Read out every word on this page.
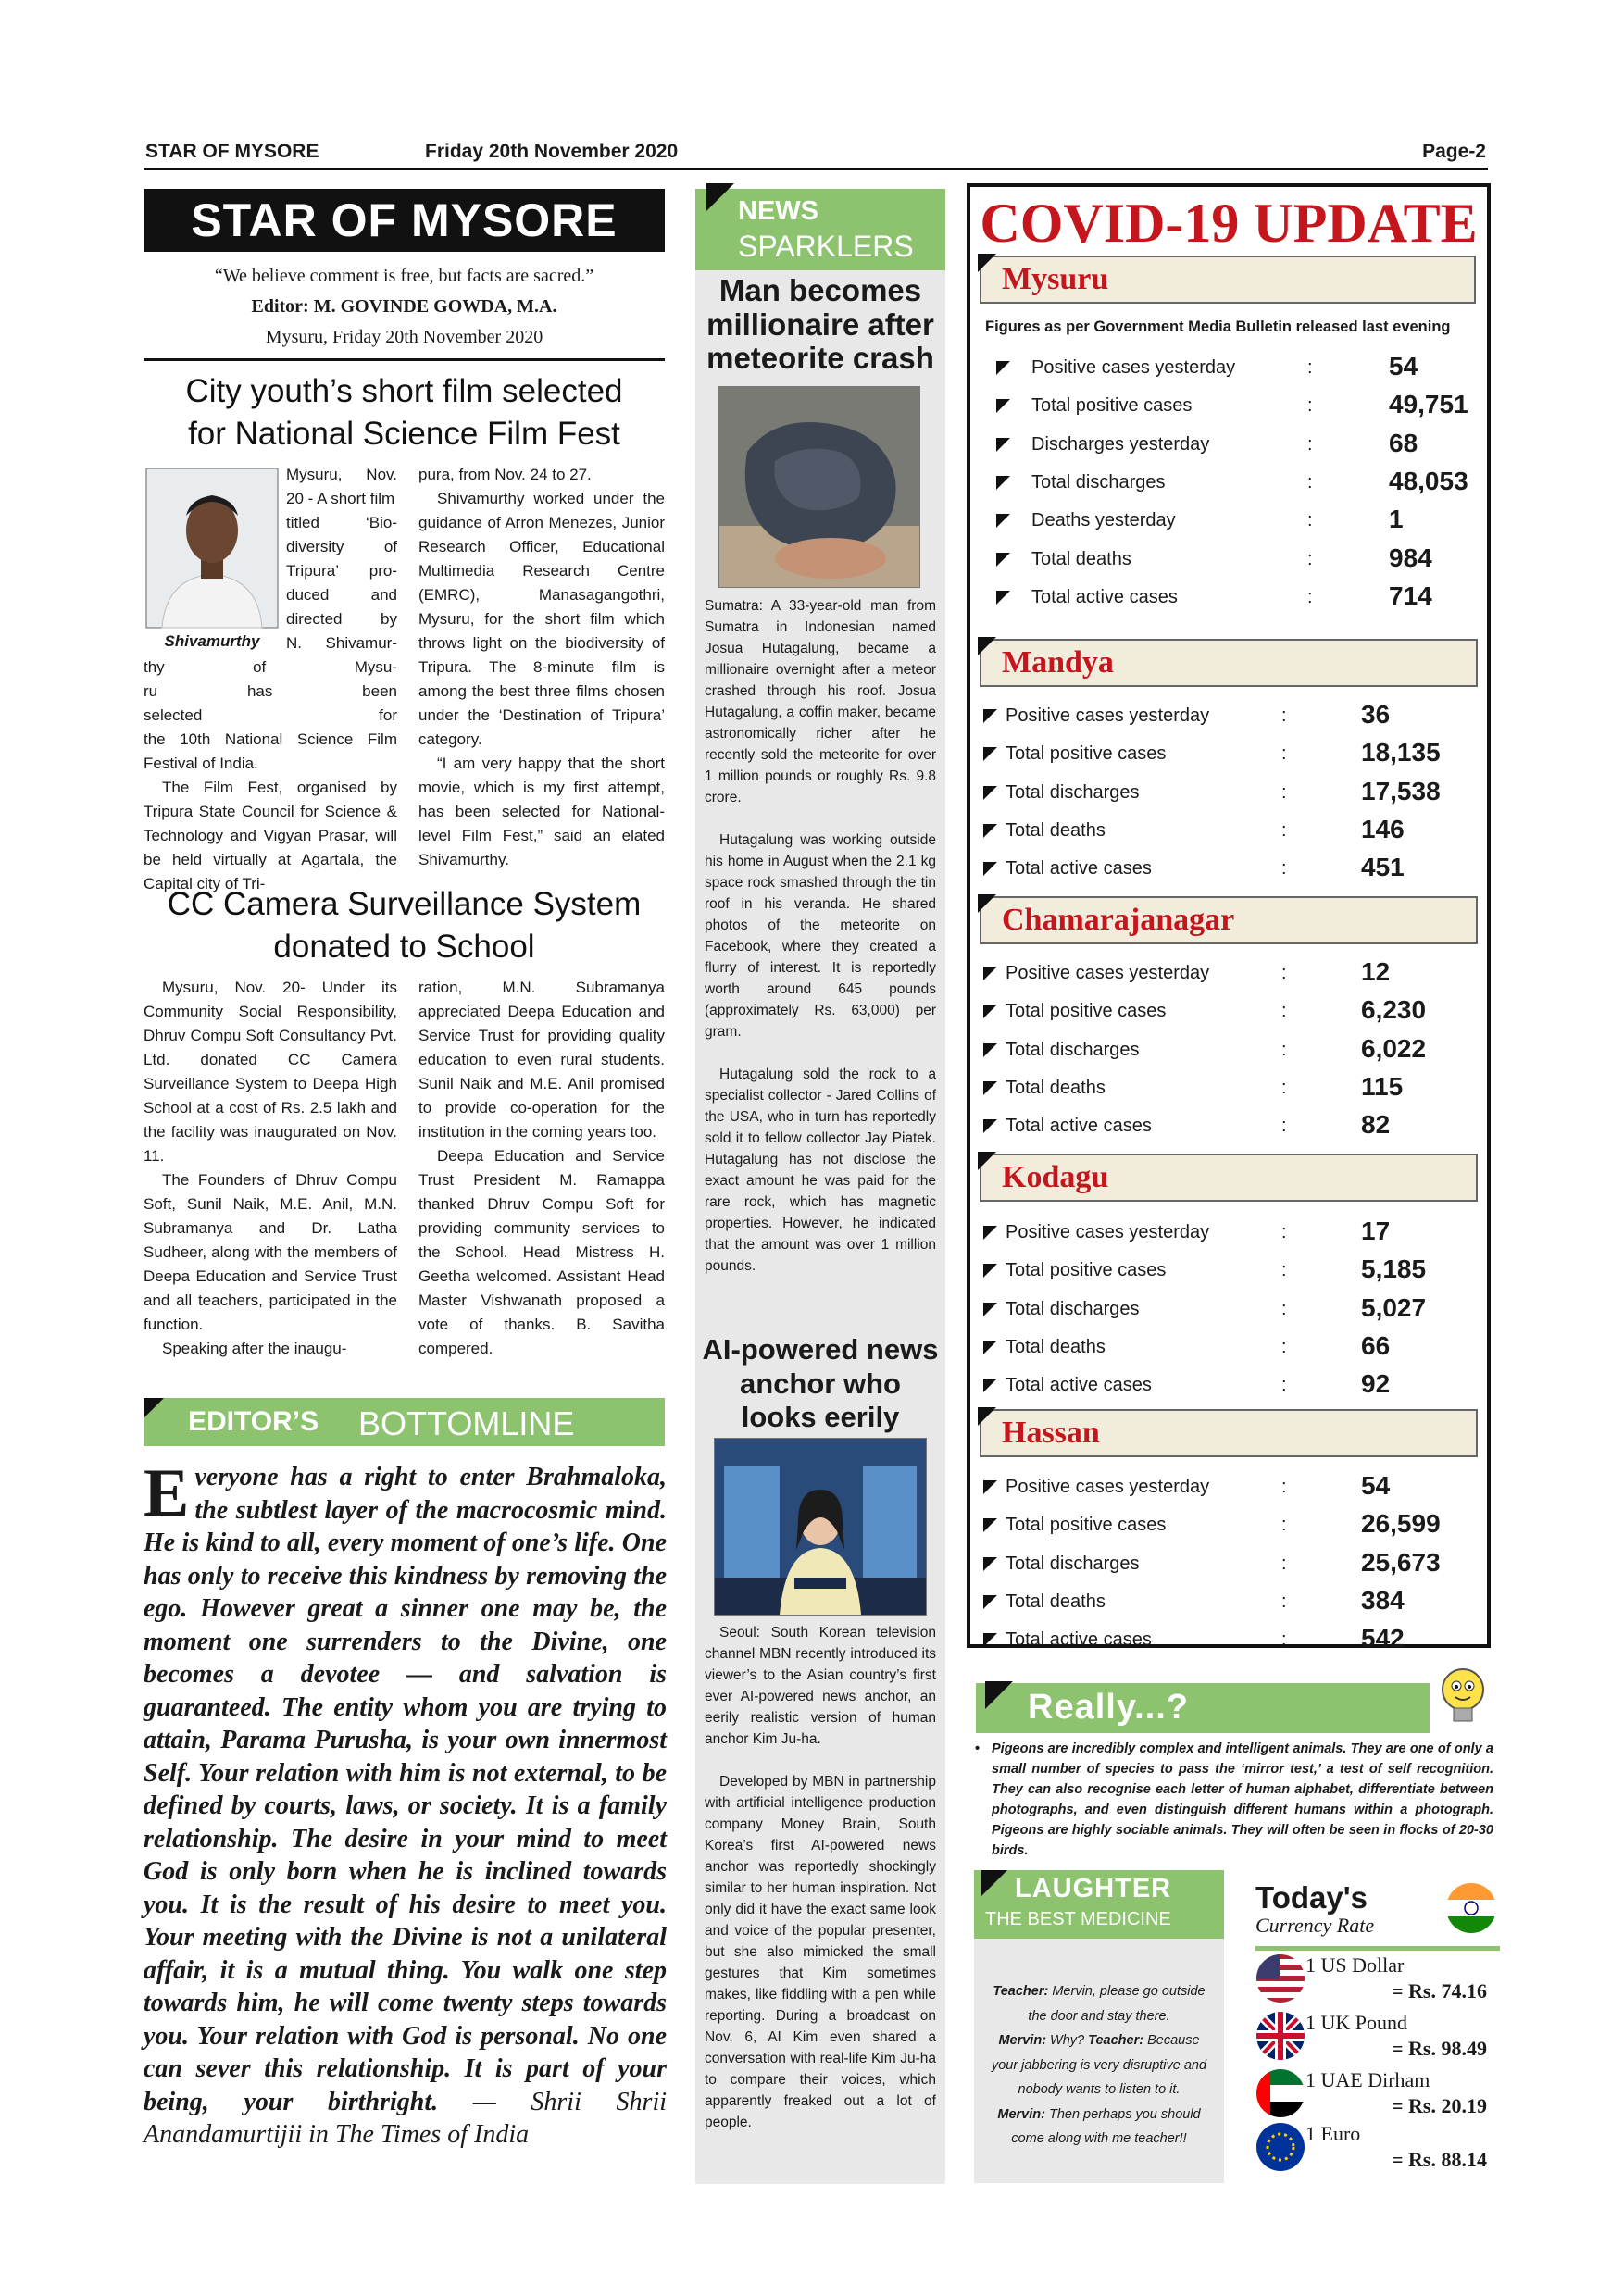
STAR OF MYSORE	Friday 20th November 2020	Page-2
STAR OF MYSORE
“We believe comment is free, but facts are sacred.”
Editor: M. GOVINDE GOWDA, M.A.
Mysuru, Friday 20th November 2020
City youth’s short film selected
for National Science Film Fest
Shivamurthy
Mysuru, Nov. 20 - A short film
titled ‘Bio-
diversity of
Tripura’ pro-
duced and
directed by
N. Shivamur-
thy of Mysu-
ru has been
selected for
the 10th National Science Film Festival of India.

The Film Fest, organised by Tripura State Council for Science & Technology and Vigyan Prasar, will be held virtually at Agartala, the Capital city of Tri-

pura, from Nov. 24 to 27.

Shivamurthy worked under the guidance of Arron Menezes, Junior Research Officer, Educational Multimedia Research Centre (EMRC), Manasagangothri, Mysuru, for the short film which throws light on the biodiversity of Tripura. The 8-minute film is among the best three films chosen under the ‘Destination of Tripura’ category.

“I am very happy that the short movie, which is my first attempt, has been selected for National-level Film Fest,” said an elated Shivamurthy.

CC Camera Surveillance System
donated to School

Mysuru, Nov. 20- Under its Community Social Responsibility, Dhruv Compu Soft Consultancy Pvt. Ltd. donated CC Camera Surveillance System to Deepa High School at a cost of Rs. 2.5 lakh and the facility was inaugurated on Nov. 11.

The Founders of Dhruv Compu Soft, Sunil Naik, M.E. Anil, M.N. Subramanya and Dr. Latha Sudheer, along with the members of Deepa Education and Service Trust and all teachers, participated in the function.

Speaking after the inaugu-

ration, M.N. Subramanya appreciated Deepa Education and Service Trust for providing quality education to even rural students. Sunil Naik and M.E. Anil promised to provide co-operation for the institution in the coming years too.

Deepa Education and Service Trust President M. Ramappa thanked Dhruv Compu Soft for providing community services to the School. Head Mistress H. Geetha welcomed. Assistant Head Master Vishwanath proposed a vote of thanks. B. Savitha compered.

EDITOR’S BOTTOMLINE
Everyone has a right to enter Brahmaloka, the subtlest layer of the macrocosmic mind. He is kind to all, every moment of one’s life. One has only to receive this kindness by removing the ego. However great a sinner one may be, the moment one surrenders to the Divine, one becomes a devotee — and salvation is guaranteed. The entity whom you are trying to attain, Parama Purusha, is your own innermost Self. Your relation with him is not external, to be defined by courts, laws, or society. It is a family relationship. The desire in your mind to meet God is only born when he is inclined towards you. It is the result of his desire to meet you. Your meeting with the Divine is not a unilateral affair, it is a mutual thing. You walk one step towards him, he will come twenty steps towards you. Your relation with God is personal. No one can sever this relationship. It is part of your being, your birthright. — Shrii Shrii Anandamurtijii in The Times of India
NEWS
SPARKLERS
Man becomes millionaire after meteorite crash

Sumatra: A 33-year-old man from Sumatra in Indonesian named Josua Hutagalung, became a millionaire overnight after a meteor crashed through his roof. Josua Hutagalung, a coffin maker, became astronomically richer after he recently sold the meteorite for over 1 million pounds or roughly Rs. 9.8 crore.

Hutagalung was working outside his home in August when the 2.1 kg space rock smashed through the tin roof in his veranda. He shared photos of the meteorite on Facebook, where they created a flurry of interest. It is reportedly worth around 645 pounds (approximately Rs. 63,000) per gram.

Hutagalung sold the rock to a specialist collector - Jared Collins of the USA, who in turn has reportedly sold it to fellow collector Jay Piatek. Hutagalung has not disclose the exact amount he was paid for the rare rock, which has magnetic properties. However, he indicated that the amount was over 1 million pounds.

AI-powered news anchor who looks eerily

Seoul: South Korean television channel MBN recently introduced its viewer’s to the Asian country’s first ever AI-powered news anchor, an eerily realistic version of human anchor Kim Ju-ha.

Developed by MBN in partnership with artificial intelligence production company Money Brain, South Korea’s first AI-powered news anchor was reportedly shockingly similar to her human inspiration. Not only did it have the exact same look and voice of the popular presenter, but she also mimicked the small gestures that Kim sometimes makes, like fiddling with a pen while reporting. During a broadcast on Nov. 6, AI Kim even shared a conversation with real-life Kim Ju-ha to compare their voices, which apparently freaked out a lot of people.

COVID-19 UPDATE
Mysuru
Figures as per Government Media Bulletin released last evening
Positive cases yesterday	:	54
Total positive cases	:	49,751
Discharges yesterday	:	68
Total discharges	:	48,053
Deaths yesterday	:	1
Total deaths	:	984
Total active cases	:	714
Mandya
Positive cases yesterday	:	36
Total positive cases	:	18,135
Total discharges	:	17,538
Total deaths	:	146
Total active cases	:	451
Chamarajanagar
Positive cases yesterday	:	12
Total positive cases	:	6,230
Total discharges	:	6,022
Total deaths	:	115
Total active cases	:	82
Kodagu
Positive cases yesterday	:	17
Total positive cases	:	5,185
Total discharges	:	5,027
Total deaths	:	66
Total active cases	:	92
Hassan
Positive cases yesterday	:	54
Total positive cases	:	26,599
Total discharges	:	25,673
Total deaths	:	384
Total active cases	:	542
Really...?
• Pigeons are incredibly complex and intelligent animals. They are one of only a small number of species to pass the ‘mirror test,’ a test of self recognition. They can also recognise each letter of human alphabet, differentiate between photographs, and even distinguish different humans within a photograph. Pigeons are highly sociable animals. They will often be seen in flocks of 20-30 birds.
LAUGHTER
THE BEST MEDICINE
Teacher: Mervin, please go outside the door and stay there.
Mervin: Why? Teacher: Because your jabbering is very disruptive and nobody wants to listen to it.
Mervin: Then perhaps you should come along with me teacher!!
Today's
Currency Rate
1 US Dollar
= Rs. 74.16
1 UK Pound
= Rs. 98.49
1 UAE Dirham
= Rs. 20.19
1 Euro
= Rs. 88.14
